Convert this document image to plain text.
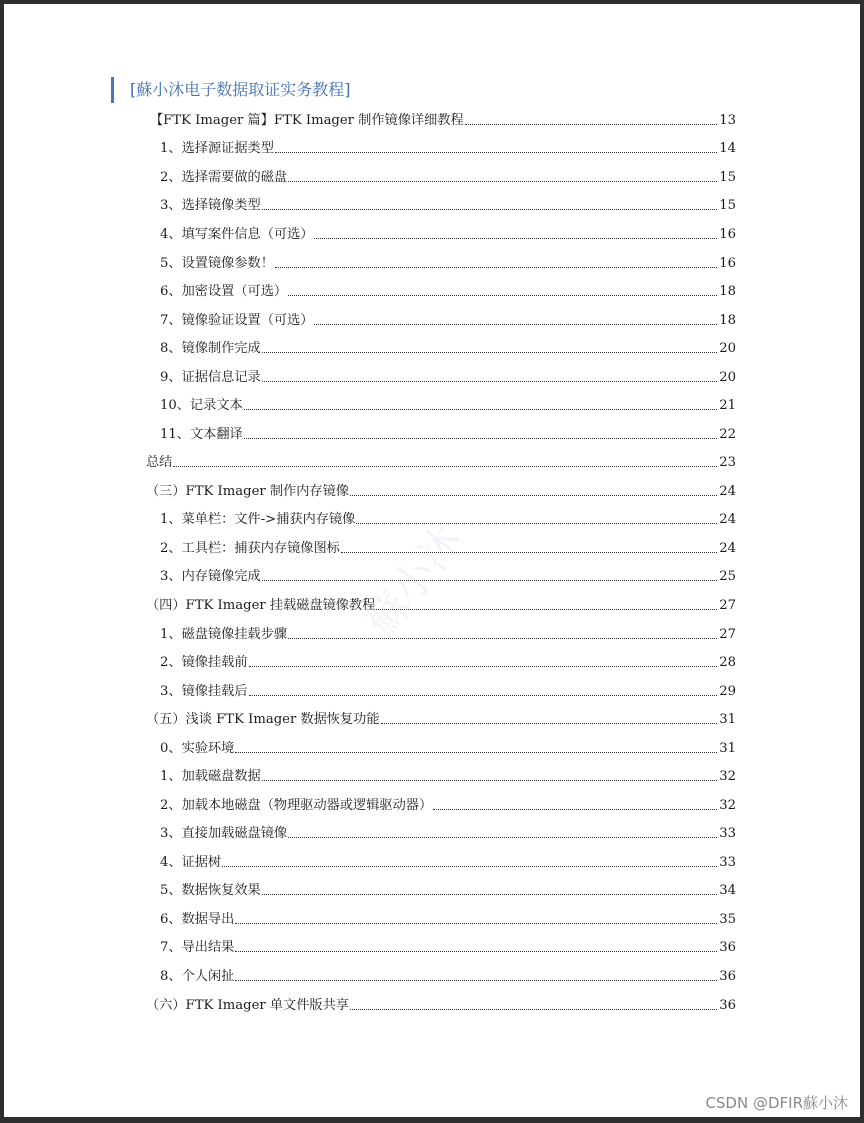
[蘇小沐电子数据取证实务教程]
蘇小沐
【FTK Imager 篇】FTK Imager 制作镜像详细教程	13
1、选择源证据类型	14
2、选择需要做的磁盘	15
3、选择镜像类型	15
4、填写案件信息（可选）	16
5、设置镜像参数！	16
6、加密设置（可选）	18
7、镜像验证设置（可选）	18
8、镜像制作完成	20
9、证据信息记录	20
10、记录文本	21
11、文本翻译	22
总结	23
（三）FTK Imager 制作内存镜像	24
1、菜单栏：文件->捕获内存镜像	24
2、工具栏：捕获内存镜像图标	24
3、内存镜像完成	25
（四）FTK Imager 挂载磁盘镜像教程	27
1、磁盘镜像挂载步骤	27
2、镜像挂载前	28
3、镜像挂载后	29
（五）浅谈 FTK Imager 数据恢复功能	31
0、实验环境	31
1、加载磁盘数据	32
2、加载本地磁盘（物理驱动器或逻辑驱动器）	32
3、直接加载磁盘镜像	33
4、证据树	33
5、数据恢复效果	34
6、数据导出	35
7、导出结果	36
8、个人闲扯	36
（六）FTK Imager 单文件版共享	36
CSDN @DFIR蘇小沐
